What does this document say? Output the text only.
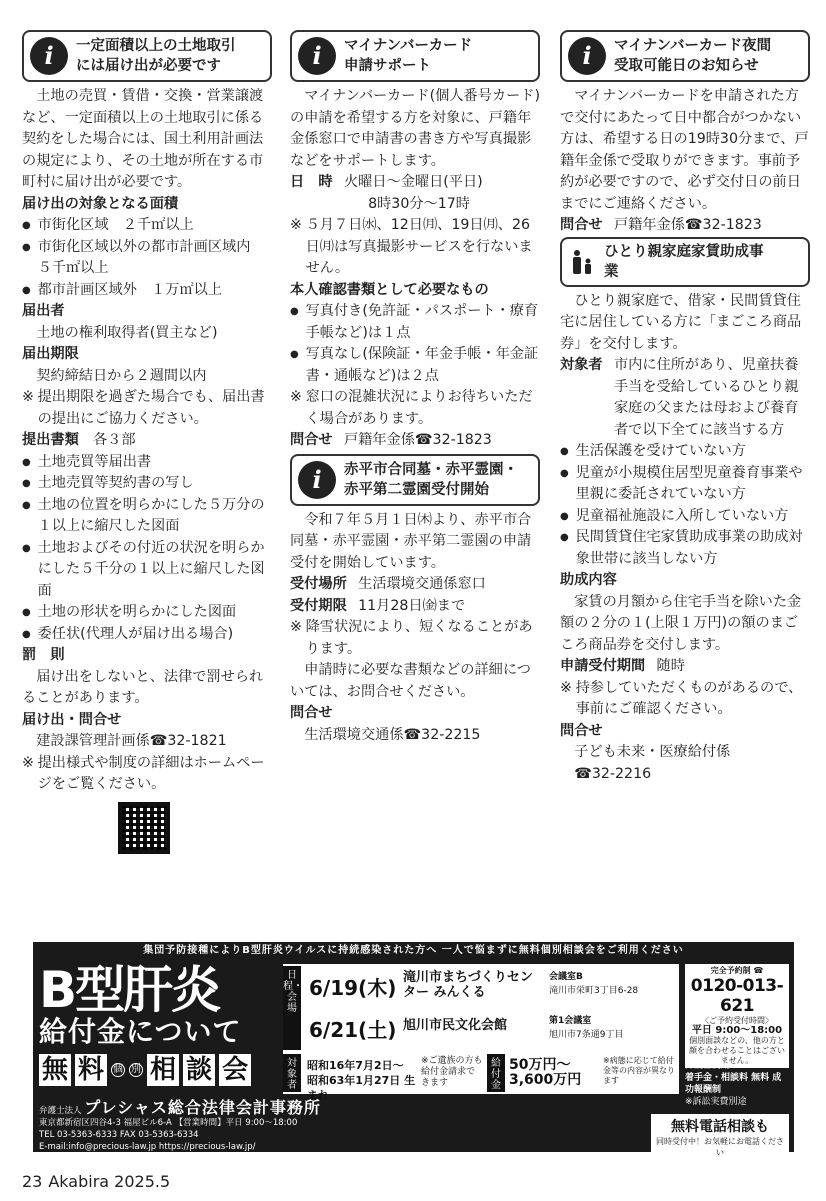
i	一定面積以上の土地取引
には届け出が必要です

土地の売買・賃借・交換・営業譲渡など、一定面積以上の土地取引に係る契約をした場合には、国土利用計画法の規定により、その土地が所在する市町村に届け出が必要です。

届け出の対象となる面積
● 市街化区域　２千㎡以上
● 市街化区域以外の都市計画区域内　５千㎡以上
● 都市計画区域外　１万㎡以上
届出者
土地の権利取得者(買主など)
届出期限
契約締結日から２週間以内
※ 提出期限を過ぎた場合でも、届出書の提出にご協力ください。
提出書類 各３部
● 土地売買等届出書
● 土地売買等契約書の写し
● 土地の位置を明らかにした５万分の１以上に縮尺した図面
● 土地およびその付近の状況を明らかにした５千分の１以上に縮尺した図面
● 土地の形状を明らかにした図面
● 委任状(代理人が届け出る場合)
罰　則

届け出をしないと、法律で罰せられることがあります。

届け出・問合せ
建設課管理計画係☎32-1821
※ 提出様式や制度の詳細はホームページをご覧ください。
i	マイナンバーカード
申請サポート

マイナンバーカード(個人番号カード)の申請を希望する方を対象に、戸籍年金係窓口で申請書の書き方や写真撮影などをサポートします。

日　時 火曜日～金曜日(平日)
8時30分～17時
※ ５月７日㈬、12日㈪、19日㈪、26日㈪は写真撮影サービスを行ないません。
本人確認書類として必要なもの
● 写真付き(免許証・パスポート・療育手帳など)は１点
● 写真なし(保険証・年金手帳・年金証書・通帳など)は２点
※ 窓口の混雑状況によりお待ちいただく場合があります。
問合せ 戸籍年金係☎32-1823
i	赤平市合同墓・赤平霊園・
赤平第二霊園受付開始

令和７年５月１日㈭より、赤平市合同墓・赤平霊園・赤平第二霊園の申請受付を開始しています。

受付場所 生活環境交通係窓口
受付期限 11月28日㈮まで
※ 降雪状況により、短くなることがあります。

申請時に必要な書類などの詳細については、お問合せください。

問合せ
生活環境交通係☎32-2215
i	マイナンバーカード夜間
受取可能日のお知らせ

マイナンバーカードを申請された方で交付にあたって日中都合がつかない方は、希望する日の19時30分まで、戸籍年金係で受取りができます。事前予約が必要ですので、必ず交付日の前日までにご連絡ください。

問合せ 戸籍年金係☎32-1823
ひとり親家庭家賃助成事
業

ひとり親家庭で、借家・民間賃貸住宅に居住している方に「まごころ商品券」を交付します。

対象者 市内に住所があり、児童扶養手当を受給しているひとり親家庭の父または母および養育者で以下全てに該当する方
● 生活保護を受けていない方
● 児童が小規模住居型児童養育事業や里親に委託されていない方
● 児童福祉施設に入所していない方
● 民間賃貸住宅家賃助成事業の助成対象世帯に該当しない方
助成内容

家賃の月額から住宅手当を除いた金額の２分の１(上限１万円)の額のまごころ商品券を交付します。

申請受付期間 随時
※ 持参していただくものがあるので、事前にご確認ください。
問合せ
子ども未来・医療給付係
☎32-2216
集団予防接種によりB型肝炎ウイルスに持続感染された方へ 一人で悩まずに無料個別相談会をご利用ください
B型肝炎
給付金について
無 料 個 別 相 談 会
日程・会場
6/19(木) 滝川市まちづくりセンター みんくる
会議室B
滝川市栄町3丁目6-28
6/21(土) 旭川市民文化会館	第1会議室
旭川市7条通9丁目
対象者
昭和16年7月2日～ 昭和63年1月27日 生まれ
※ご遺族の方も給付金請求できます
給付金
50万円～ 3,600万円
※病態に応じて給付金等の内容が異なります
完全予約制 ☎
0120-013-621
〈ご予約受付時間〉
平日 9:00～18:00
個別面談などの、他の方と顔を合わせることはございません。
弁護士費用
着手金・相談料 無料 成功報酬制
※訴訟実費別途
弁護士法人 プレシャス総合法律会計事務所
東京都新宿区四谷4-3 福屋ビル6-A 【営業時間】平日 9:00～18:00
TEL 03-5363-6333 FAX 03-5363-6334
E-mail:info@precious-law.jp https://precious-law.jp/
無料電話相談も
同時受付中！お気軽にお電話ください
23 Akabira 2025.5
